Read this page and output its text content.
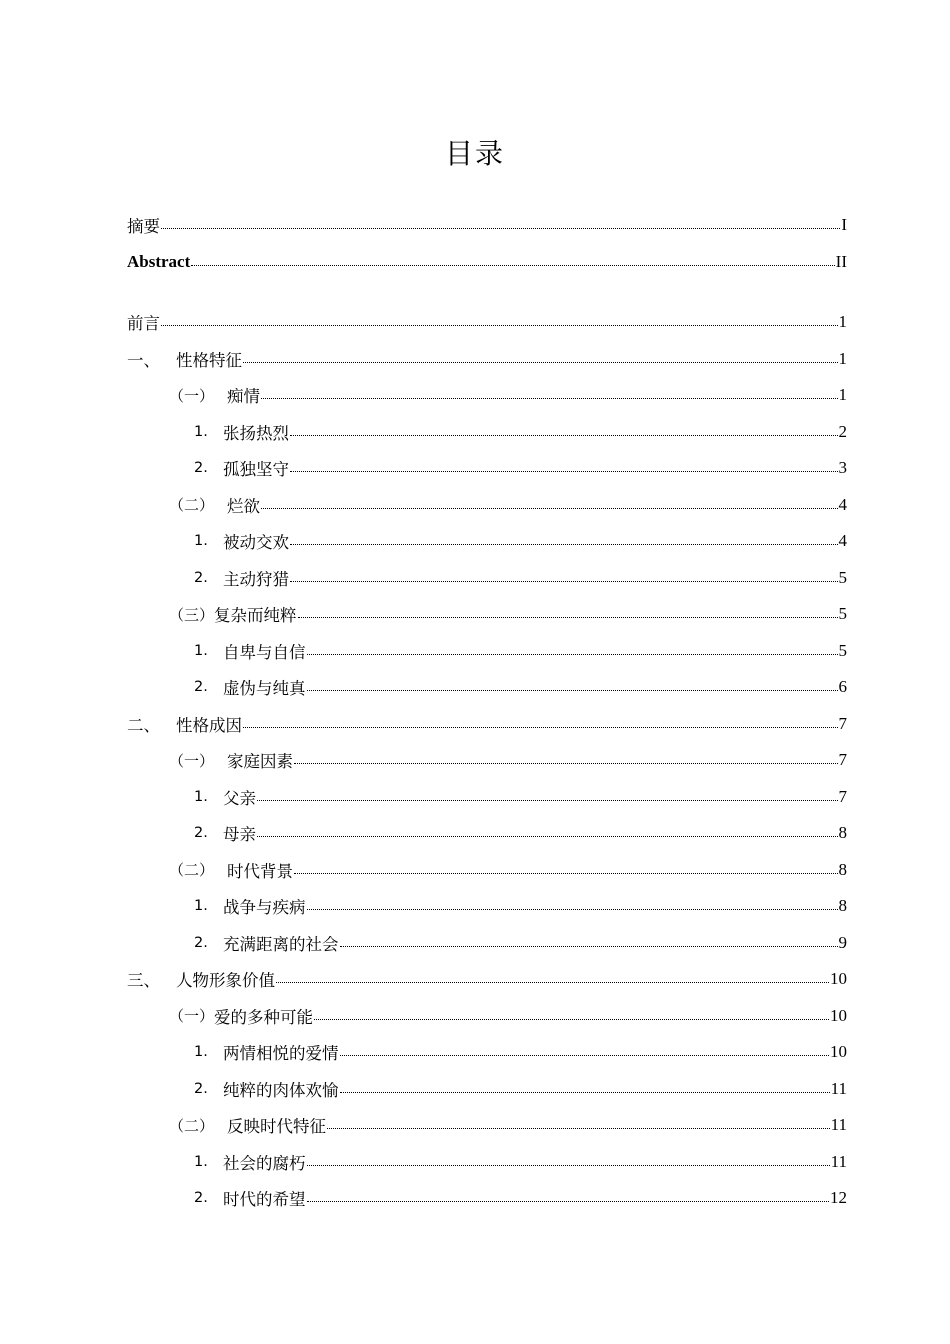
目录
摘要	I
Abstract	II
前言	1
一、 性格特征	1
（一） 痴情	1
1. 张扬热烈	2
2. 孤独坚守	3
（二） 烂欲	4
1. 被动交欢	4
2. 主动狩猎	5
（三） 复杂而纯粹	5
1. 自卑与自信	5
2. 虚伪与纯真	6
二、 性格成因	7
（一） 家庭因素	7
1. 父亲	7
2. 母亲	8
（二） 时代背景	8
1. 战争与疾病	8
2. 充满距离的社会	9
三、 人物形象价值	10
（一） 爱的多种可能	10
1. 两情相悦的爱情	10
2. 纯粹的肉体欢愉	11
（二） 反映时代特征	11
1. 社会的腐朽	11
2. 时代的希望	12
